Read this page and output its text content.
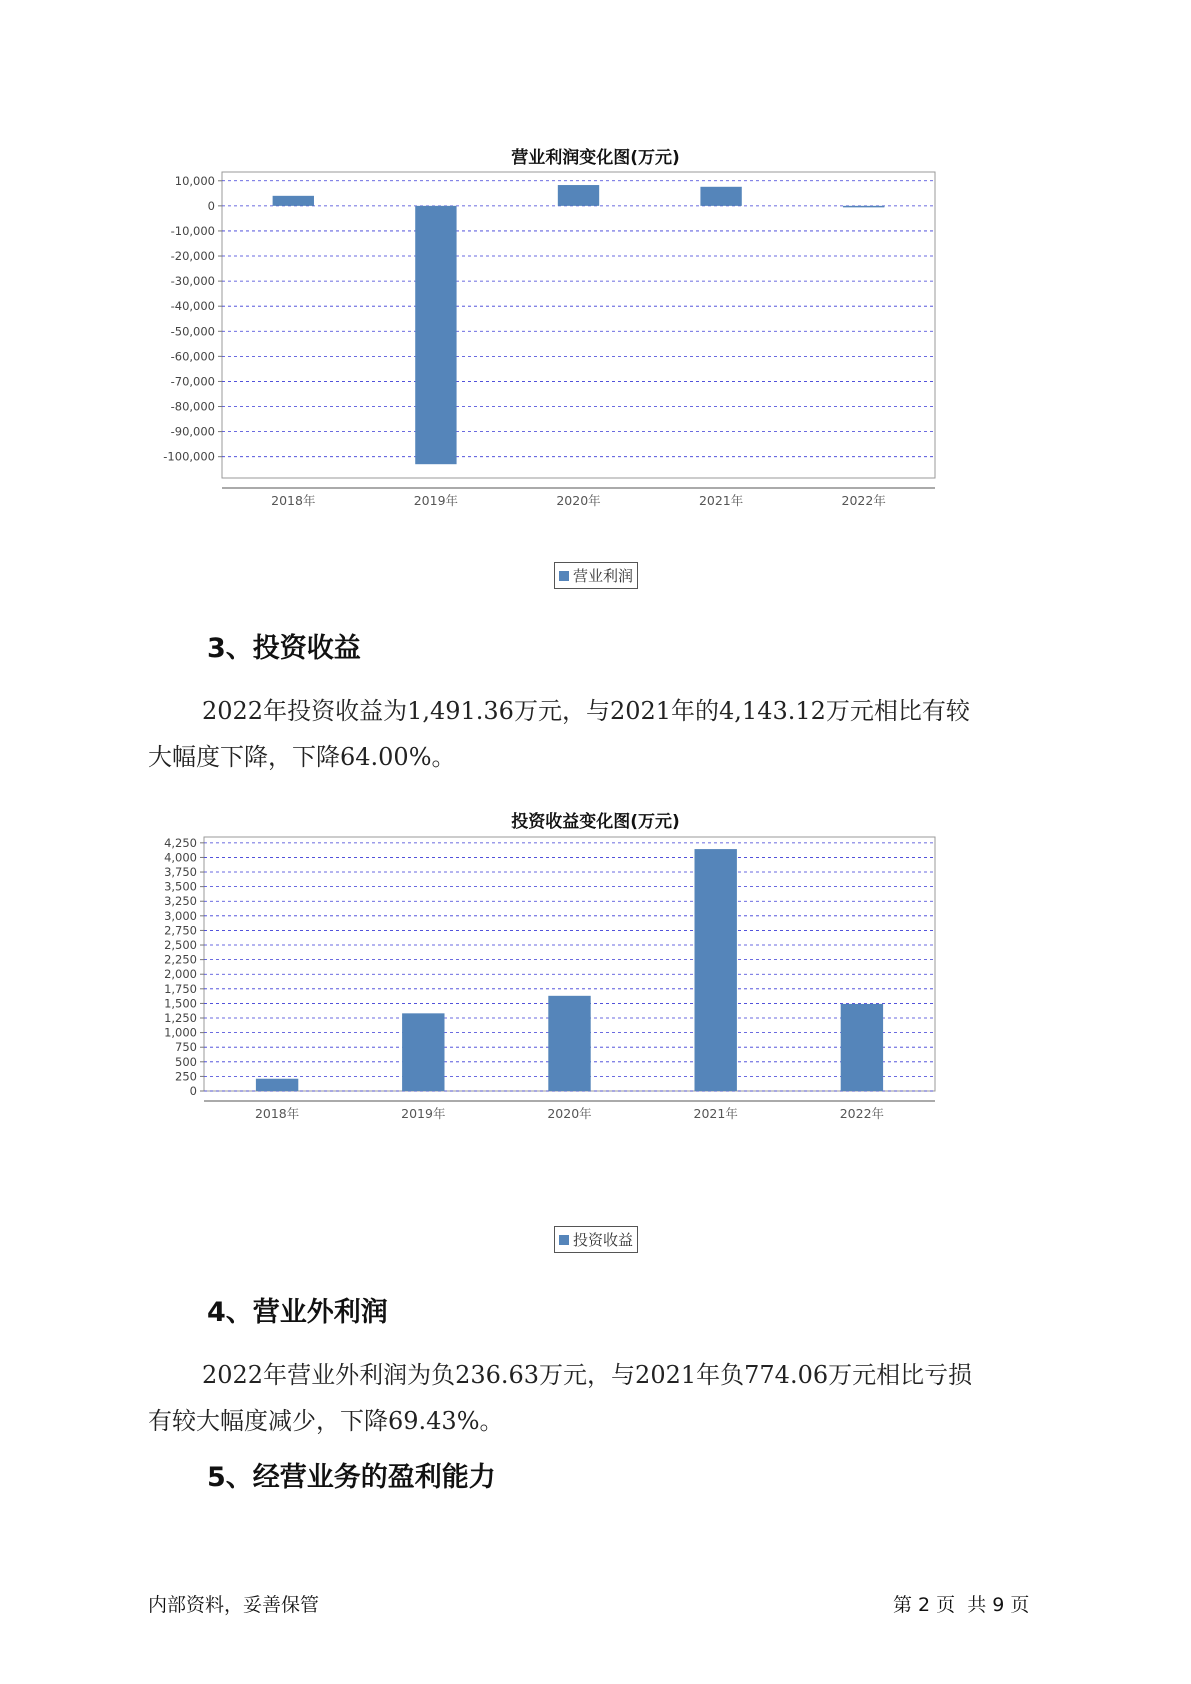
营业利润变化图(万元)
10,000
0
-10,000
-20,000
-30,000
-40,000
-50,000
-60,000
-70,000
-80,000
-90,000
-100,000
2018年	2019年	2020年	2021年	2022年
营业利润
3、投资收益

2022年投资收益为1,491.36万元，与2021年的4,143.12万元相比有较

大幅度下降，下降64.00%。

投资收益变化图(万元)
0
250
500
750
1,000
1,250
1,500
1,750
2,000
2,250
2,500
2,750
3,000
3,250
3,500
3,750
4,000
4,250
2018年	2019年	2020年	2021年	2022年
投资收益
4、营业外利润

2022年营业外利润为负236.63万元，与2021年负774.06万元相比亏损

有较大幅度减少，下降69.43%。

5、经营业务的盈利能力
内部资料，妥善保管	第 2 页  共 9 页
